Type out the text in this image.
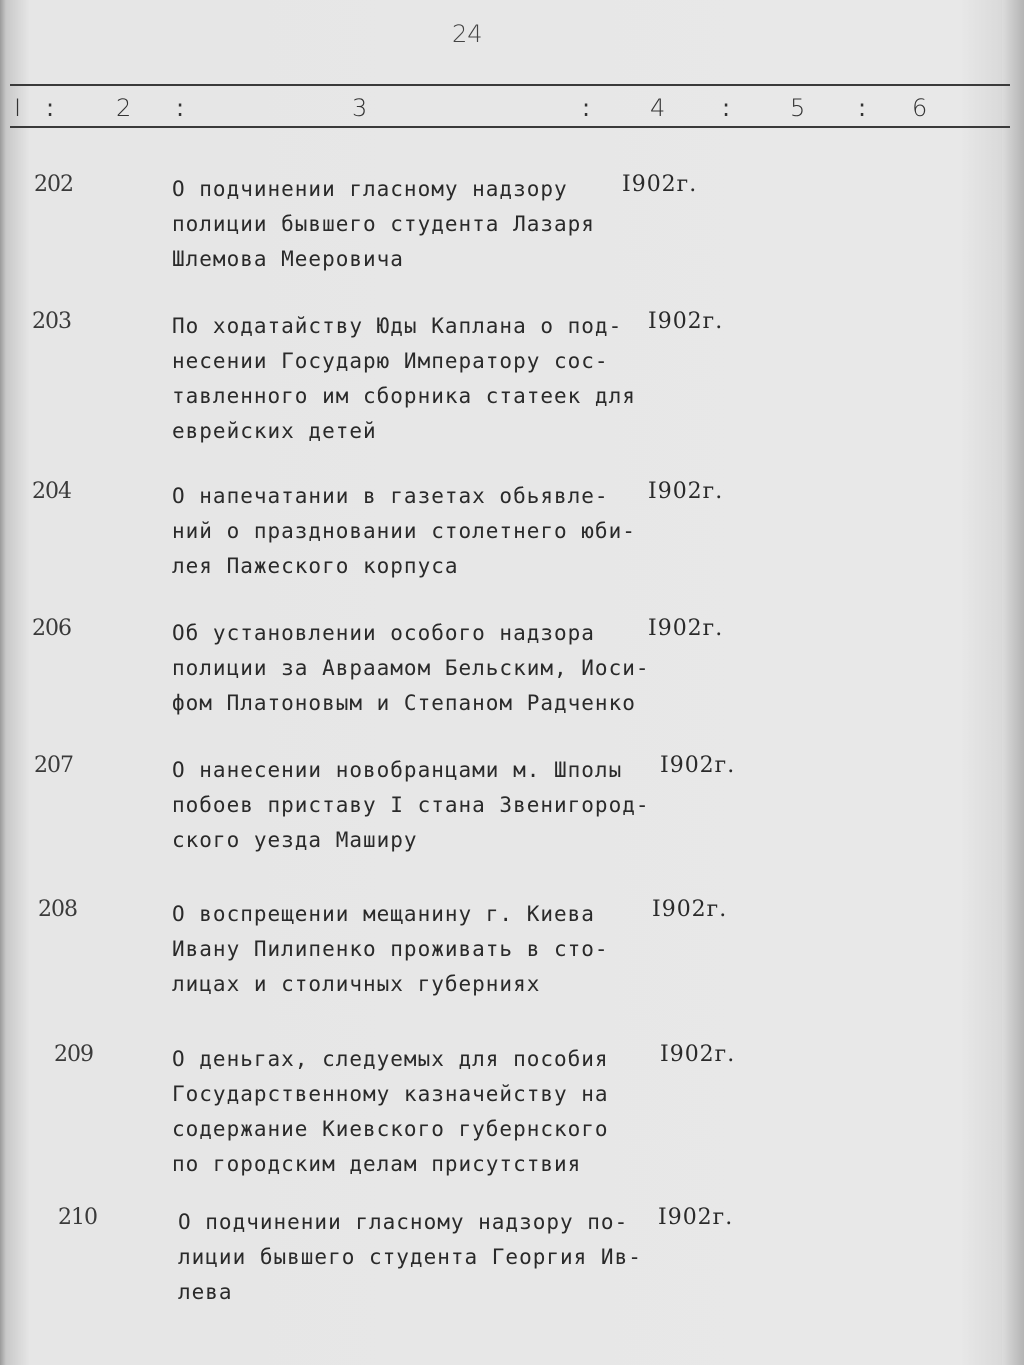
24
I :	2 :	3	: 4 : 5 : 6
202	О подчинении гласному надзору
полиции бывшего студента Лазаря
Шлемова Мееровича
I902г.
203	По ходатайству Юды Каплана о под-
несении Государю Императору сос-
тавленного им сборника статеек для
еврейских детей
I902г.
204	О напечатании в газетах обьявле-
ний о праздновании столетнего юби-
лея Пажеского корпуса
I902г.
206	Об установлении особого надзора
полиции за Авраамом Бельским, Иоси-
фом Платоновым и Степаном Радченко
I902г.
207	О нанесении новобранцами м. Шполы
побоев приставу I стана Звенигород-
ского уезда Маширу
I902г.
208	О воспрещении мещанину г. Киева
Ивану Пилипенко проживать в сто-
лицах и столичных губерниях
I902г.
209	О деньгах, следуемых для пособия
Государственному казначейству на
содержание Киевского губернского
по городским делам присутствия
I902г.
210	О подчинении гласному надзору по-
лиции бывшего студента Георгия Ив-
лева
I902г.
